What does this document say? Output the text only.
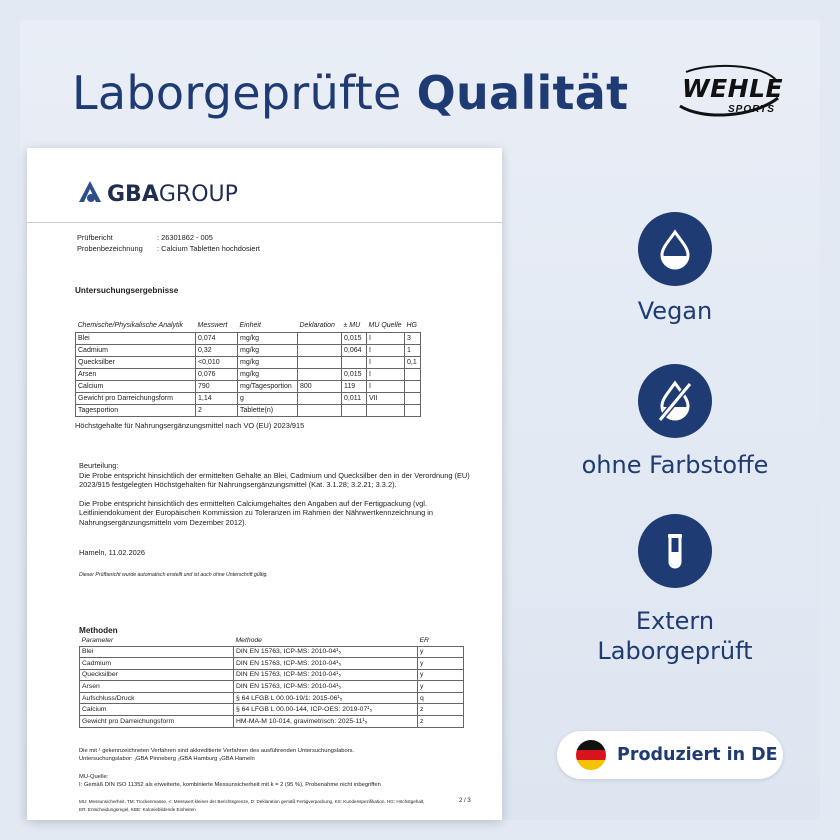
Laborgeprüfte Qualität WEHLE
SPORTS
GBAGROUP
Prüfbericht	: 26301862 - 005
Probenbezeichnung	: Calcium Tabletten hochdosiert
Untersuchungsergebnisse
Chemische/Physikalische Analytik	Messwert	Einheit	Deklaration	± MU	MU Quelle	HG
Blei	0,074	mg/kg		0,015	I	3
Cadmium	0,32	mg/kg		0,064	I	1
Quecksilber	<0,010	mg/kg			I	0,1
Arsen	0,076	mg/kg		0,015	I	
Calcium	790	mg/Tagesportion	800	119	I	
Gewicht pro Darreichungsform	1,14	g		0,011	VII	
Tagesportion	2	Tablette(n)				
Höchstgehalte für Nahrungsergänzungsmittel nach VO (EU) 2023/915
Beurteilung:

Die Probe entspricht hinsichtlich der ermittelten Gehalte an Blei, Cadmium und Quecksilber den in der Verordnung (EU) 2023/915 festgelegten Höchstgehalten für Nahrungsergänzungsmittel (Kat. 3.1.28; 3.2.21; 3.3.2).

Die Probe entspricht hinsichtlich des ermittelten Calciumgehaltes den Angaben auf der Fertigpackung (vgl. Leitliniendokument der Europäischen Kommission zu Toleranzen im Rahmen der Nährwertkennzeichnung in Nahrungsergänzungsmitteln vom Dezember 2012).

Hameln, 11.02.2026
Dieser Prüfbericht wurde automatisch erstellt und ist auch ohne Unterschrift gültig.
Methoden
Parameter	Methode	ER
Blei	DIN EN 15763, ICP-MS: 2010-04¹₅	y
Cadmium	DIN EN 15763, ICP-MS: 2010-04¹₅	y
Quecksilber	DIN EN 15763, ICP-MS: 2010-04¹₅	y
Arsen	DIN EN 15763, ICP-MS: 2010-04¹₅	y
Aufschluss/Druck	§ 64 LFGB L 00.00-19/1: 2015-06¹₅	q
Calcium	§ 64 LFGB L 00.00-144, ICP-OES: 2019-07¹₅	z
Gewicht pro Darreichungsform	HM-MA-M 10-014, gravimetrisch: 2025-11¹₅	z
Die mit ¹ gekennzeichneten Verfahren sind akkreditierte Verfahren des ausführenden Untersuchungslabors.
Untersuchungslabor: ₁GBA Pinneberg ₂GBA Hamburg ₃GBA Hameln
MU-Quelle:
I: Gemäß DIN ISO 11352 als erweiterte, kombinierte Messunsicherheit mit k = 2 (95 %), Probenahme nicht inbegriffen
MU: Messunsicherheit, TM: Trockenmasse, <: Messwert kleiner der Berichtsgrenze, D: Deklaration gemäß Fertigverpackung, KS: Kundenspezifikation, HG: Höchstgehalt,
ER: Entscheidungsregel, KBE: Koloniebildende Einheiten
2 / 3
Vegan
ohne Farbstoffe
Extern
Laborgeprüft
Produziert in DE
